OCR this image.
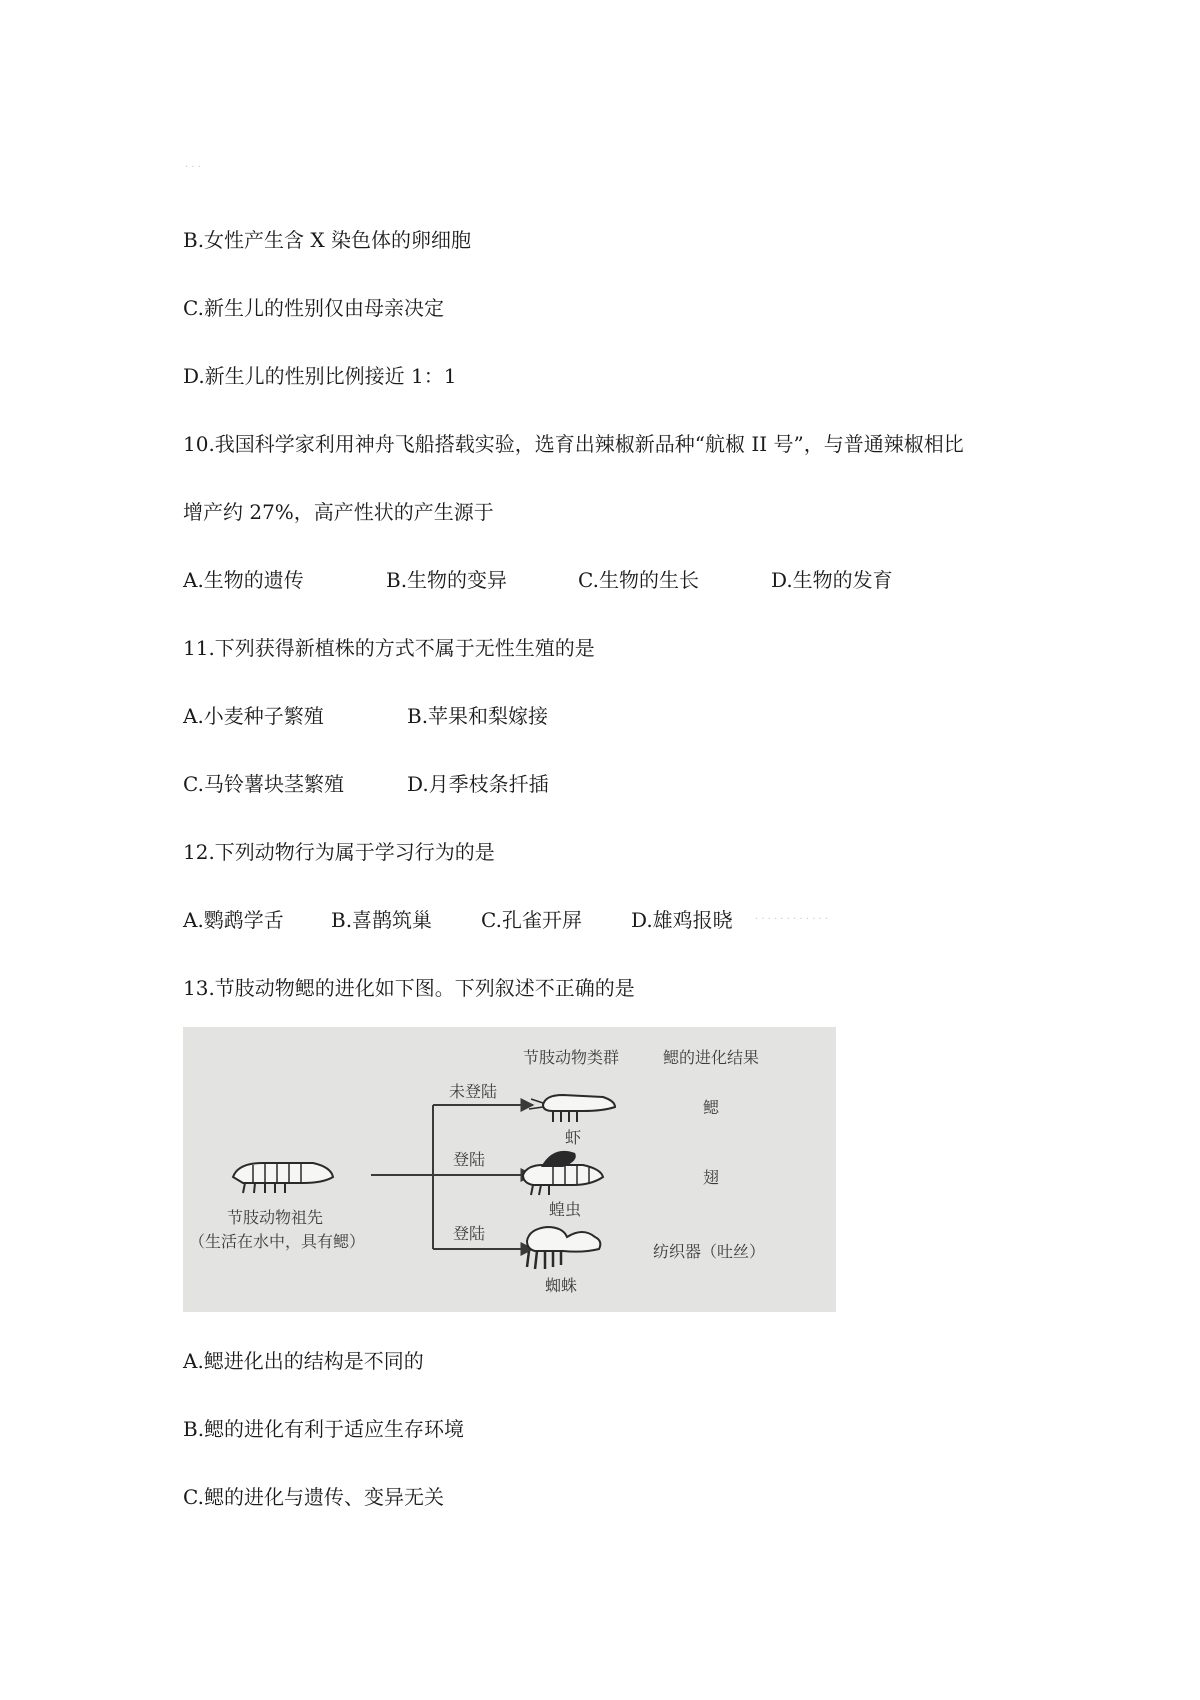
· · ·
B.女性产生含 X 染色体的卵细胞
C.新生儿的性别仅由母亲决定
D.新生儿的性别比例接近 1：1
10.我国科学家利用神舟飞船搭载实验，选育出辣椒新品种“航椒 II 号”，与普通辣椒相比
增产约 27%，高产性状的产生源于
A.生物的遗传	B.生物的变异	C.生物的生长	D.生物的发育
11.下列获得新植株的方式不属于无性生殖的是
A.小麦种子繁殖	B.苹果和梨嫁接
C.马铃薯块茎繁殖	D.月季枝条扦插
12.下列动物行为属于学习行为的是
A.鹦鹉学舌 B.喜鹊筑巢 C.孔雀开屏 D.雄鸡报晓 · · · · · · · · · · · ·
13.节肢动物鳃的进化如下图。下列叙述不正确的是
节肢动物类群	鳃的进化结果
未登陆
登陆
登陆
虾
蝗虫
蜘蛛
鳃
翅
纺织器（吐丝）
节肢动物祖先
（生活在水中，具有鳃）
A.鳃进化出的结构是不同的
B.鳃的进化有利于适应生存环境
C.鳃的进化与遗传、变异无关
